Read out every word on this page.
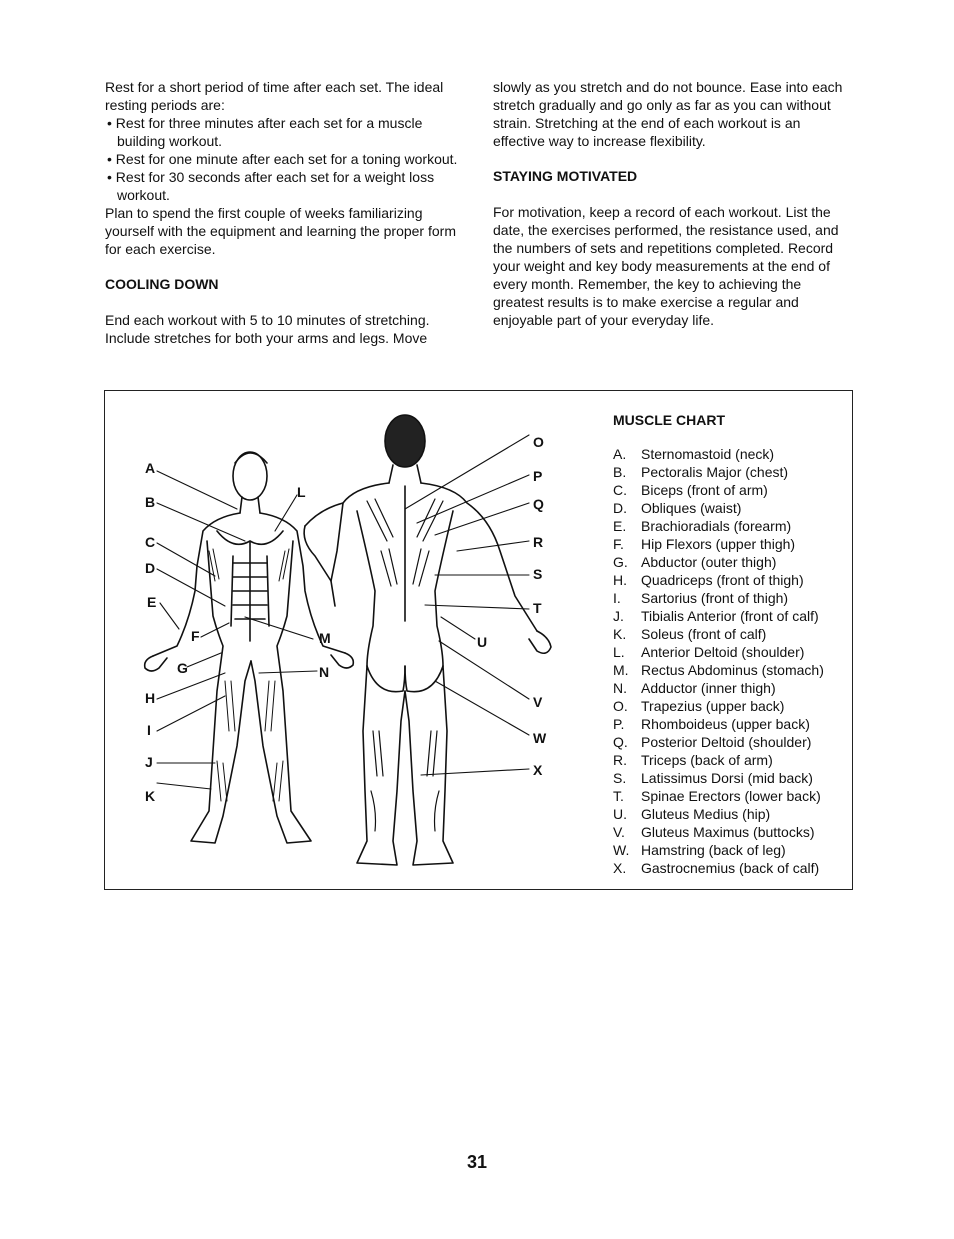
Rest for a short period of time after each set. The ideal resting periods are:

• Rest for three minutes after each set for a muscle building workout.

• Rest for one minute after each set for a toning workout.

• Rest for 30 seconds after each set for a weight loss workout.

Plan to spend the first couple of weeks familiarizing yourself with the equipment and learning the proper form for each exercise.

COOLING DOWN

End each workout with 5 to 10 minutes of stretching. Include stretches for both your arms and legs. Move

slowly as you stretch and do not bounce. Ease into each stretch gradually and go only as far as you can without strain. Stretching at the end of each workout is an effective way to increase flexibility.

STAYING MOTIVATED

For motivation, keep a record of each workout. List the date, the exercises performed, the resistance used, and the numbers of sets and repetitions completed. Record your weight and key body measurements at the end of every month. Remember, the key to achieving the greatest results is to make exercise a regular and enjoyable part of your everyday life.

A
B
C
D
E
F
G
H
I
J
K
L
M
N
O
P
Q
R
S
T
U
V
W
X

MUSCLE CHART

A.	Sternomastoid (neck)
B.	Pectoralis Major (chest)
C.	Biceps (front of arm)
D.	Obliques (waist)
E.	Brachioradials (forearm)
F.	Hip Flexors (upper thigh)
G. Abductor (outer thigh)
H.	Quadriceps (front of thigh)
I.	Sartorius (front of thigh)
J.	Tibialis Anterior (front of calf)
K.	Soleus (front of calf)
L.	Anterior Deltoid (shoulder)
M. Rectus Abdominus (stomach)
N.	Adductor (inner thigh)
O. Trapezius (upper back)
P.	Rhomboideus (upper back)
Q. Posterior Deltoid (shoulder)
R.	Triceps (back of arm)
S.	Latissimus Dorsi (mid back)
T.	Spinae Erectors (lower back)
U.	Gluteus Medius (hip)
V.	Gluteus Maximus (buttocks)
W. Hamstring (back of leg)
X.	Gastrocnemius (back of calf)
31
